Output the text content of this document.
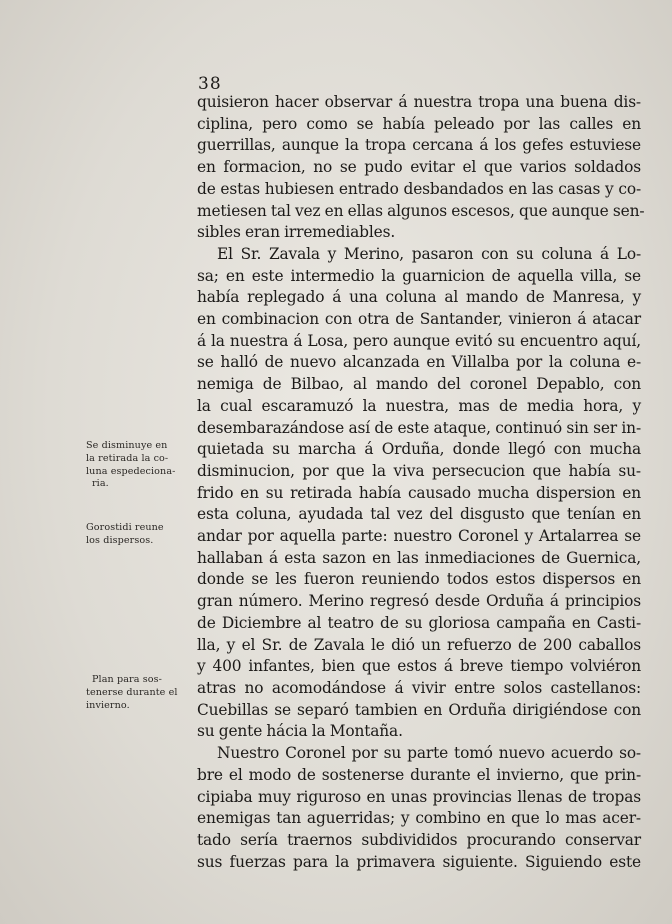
38
quisieron hacer observar á nuestra tropa una buena dis-
ciplina, pero como se había peleado por las calles en
guerrillas, aunque la tropa cercana á los gefes estuviese
en formacion, no se pudo evitar el que varios soldados
de estas hubiesen entrado desbandados en las casas y co-
metiesen tal vez en ellas algunos escesos, que aunque sen-
sibles eran irremediables.
El Sr. Zavala y Merino, pasaron con su coluna á Lo-
sa; en este intermedio la guarnicion de aquella villa, se
había replegado á una coluna al mando de Manresa, y
en combinacion con otra de Santander, vinieron á atacar
á la nuestra á Losa, pero aunque evitó su encuentro aquí,
se halló de nuevo alcanzada en Villalba por la coluna e-
nemiga de Bilbao, al mando del coronel Depablo, con
la cual escaramuzó la nuestra, mas de media hora, y
desembarazándose así de este ataque, continuó sin ser in-
quietada su marcha á Orduña, donde llegó con mucha
disminucion, por que la viva persecucion que había su-
frido en su retirada había causado mucha dispersion en
esta coluna, ayudada tal vez del disgusto que tenían en
andar por aquella parte: nuestro Coronel y Artalarrea se
hallaban á esta sazon en las inmediaciones de Guernica,
donde se les fueron reuniendo todos estos dispersos en
gran número. Merino regresó desde Orduña á principios
de Diciembre al teatro de su gloriosa campaña en Casti-
lla, y el Sr. de Zavala le dió un refuerzo de 200 caballos
y 400 infantes, bien que estos á breve tiempo volviéron
atras no acomodándose á vivir entre solos castellanos:
Cuebillas se separó tambien en Orduña dirigiéndose con
su gente hácia la Montaña.
Nuestro Coronel por su parte tomó nuevo acuerdo so-
bre el modo de sostenerse durante el invierno, que prin-
cipiaba muy riguroso en unas provincias llenas de tropas
enemigas tan aguerridas; y combino en que lo mas acer-
tado sería traernos subdivididos procurando conservar
sus fuerzas para la primavera siguiente. Siguiendo este
Se disminuye en
la retirada la co-
luna espedeciona-
ria.
Gorostidi reune
los dispersos.
Plan para sos-
tenerse durante el
invierno.
